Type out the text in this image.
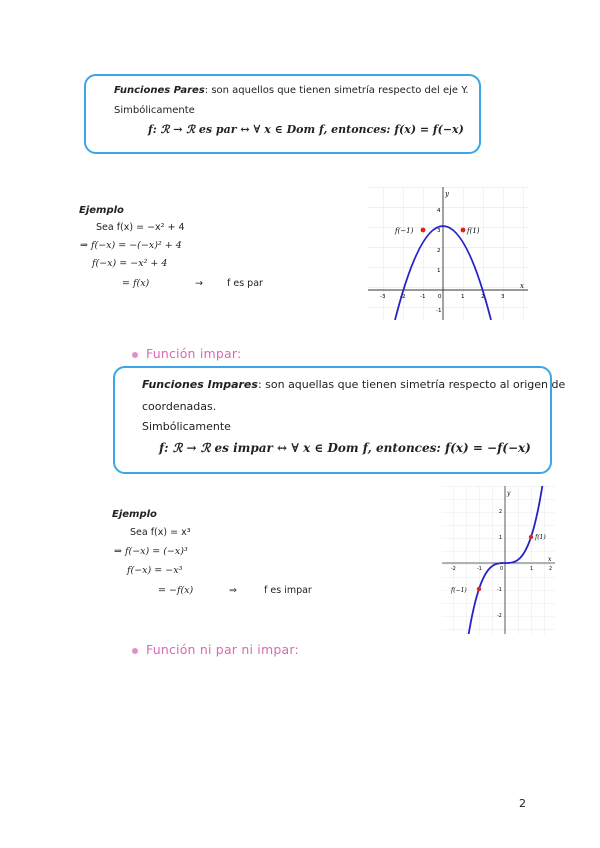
Funciones Pares: son aquellos que tienen simetría respecto del eje Y.
Simbólicamente
f: ℛ → ℛ es par ↔ ∀ x ∈ Dom f, entonces: f(x) = f(−x)
Ejemplo
Sea f(x) = −x² + 4
⇒ f(−x) = −(−x)² + 4
f(−x) = −x² + 4
= f(x)	→	f es par
f(−1)	f(1)
x
y
-3	-2	-1 0	1	2	3
4
3
2
1
-1
Función impar:
Funciones Impares: son aquellas que tienen simetría respecto al origen de
coordenadas.
Simbólicamente
f: ℛ → ℛ es impar ↔ ∀ x ∈ Dom f, entonces: f(x) = −f(−x)
Ejemplo
Sea f(x) = x³
⇒ f(−x) = (−x)³
f(−x) = −x³
= −f(x)	⇒	f es impar
f(1)
f(−1)
x
y
-2	-1	0	1	2
2
1
-1
-2
Función ni par ni impar:
2
